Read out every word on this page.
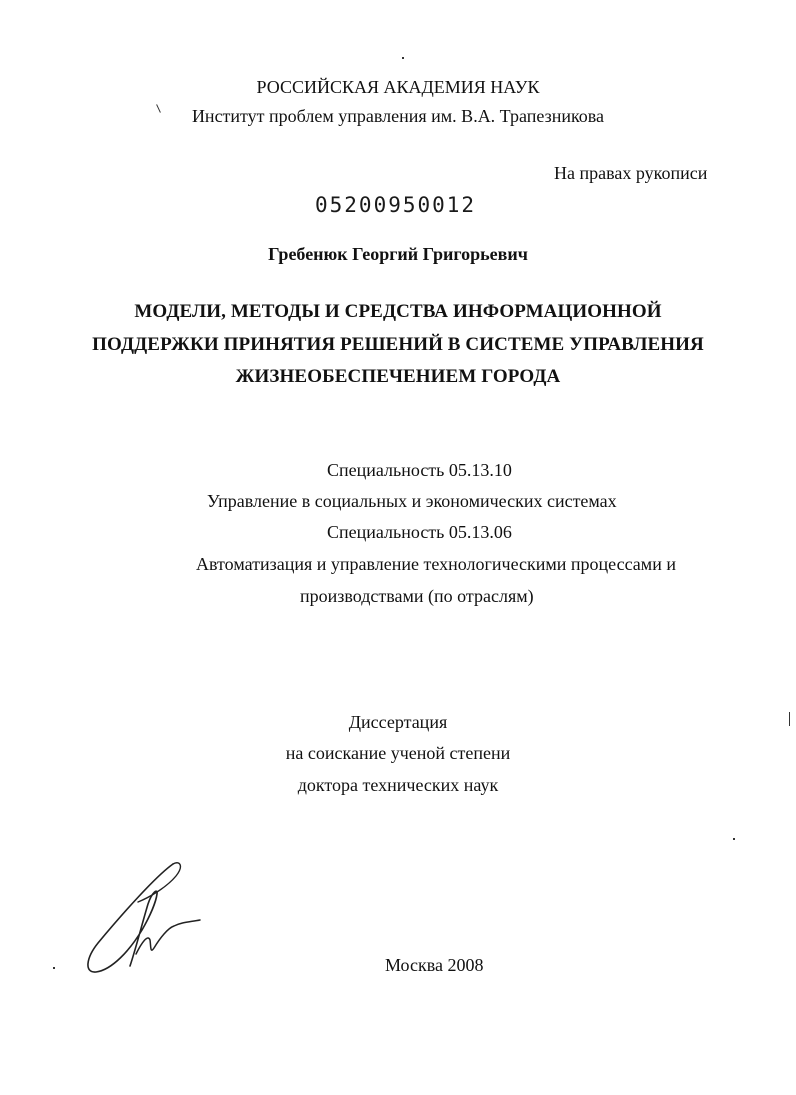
РОССИЙСКАЯ АКАДЕМИЯ НАУК
Институт проблем управления им. В.А. Трапезникова
На правах рукописи
05200950012
Гребенюк Георгий Григорьевич
МОДЕЛИ, МЕТОДЫ И СРЕДСТВА ИНФОРМАЦИОННОЙ
ПОДДЕРЖКИ ПРИНЯТИЯ РЕШЕНИЙ В СИСТЕМЕ УПРАВЛЕНИЯ
ЖИЗНЕОБЕСПЕЧЕНИЕМ ГОРОДА
Специальность 05.13.10
Управление в социальных и экономических системах
Специальность 05.13.06
Автоматизация и управление технологическими процессами и
производствами (по отраслям)
Диссертация
на соискание ученой степени
доктора технических наук
Москва 2008
